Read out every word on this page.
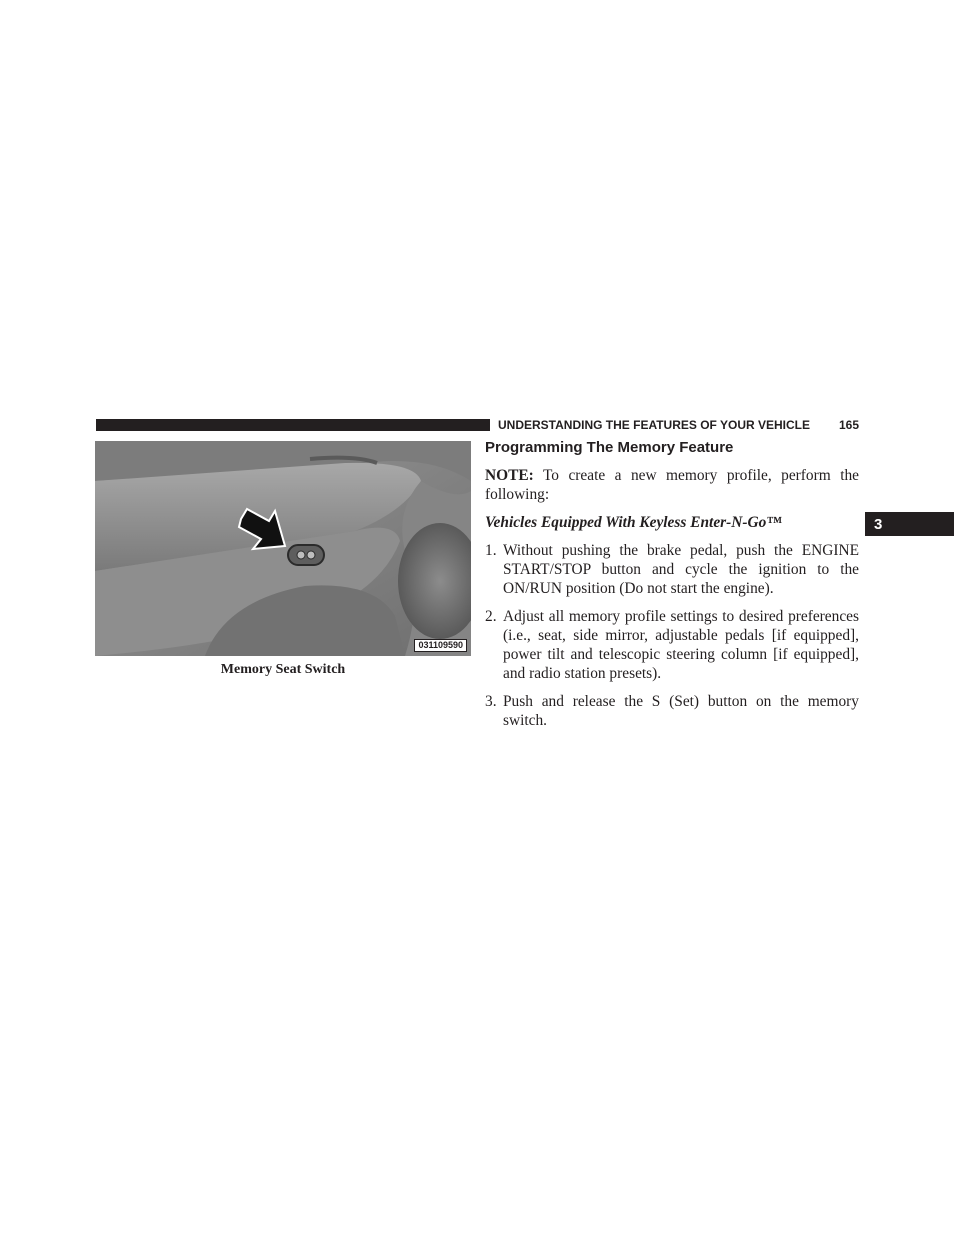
UNDERSTANDING THE FEATURES OF YOUR VEHICLE 165
031109590
Memory Seat Switch
Programming The Memory Feature

NOTE: To create a new memory profile, perform the following:

Vehicles Equipped With Keyless Enter-N-Go™

1. Without pushing the brake pedal, push the ENGINE START/STOP button and cycle the ignition to the ON/RUN position (Do not start the engine).
2. Adjust all memory profile settings to desired preferences (i.e., seat, side mirror, adjustable pedals [if equipped], power tilt and telescopic steering column [if equipped], and radio station presets).
3. Push and release the S (Set) button on the memory switch.
3
